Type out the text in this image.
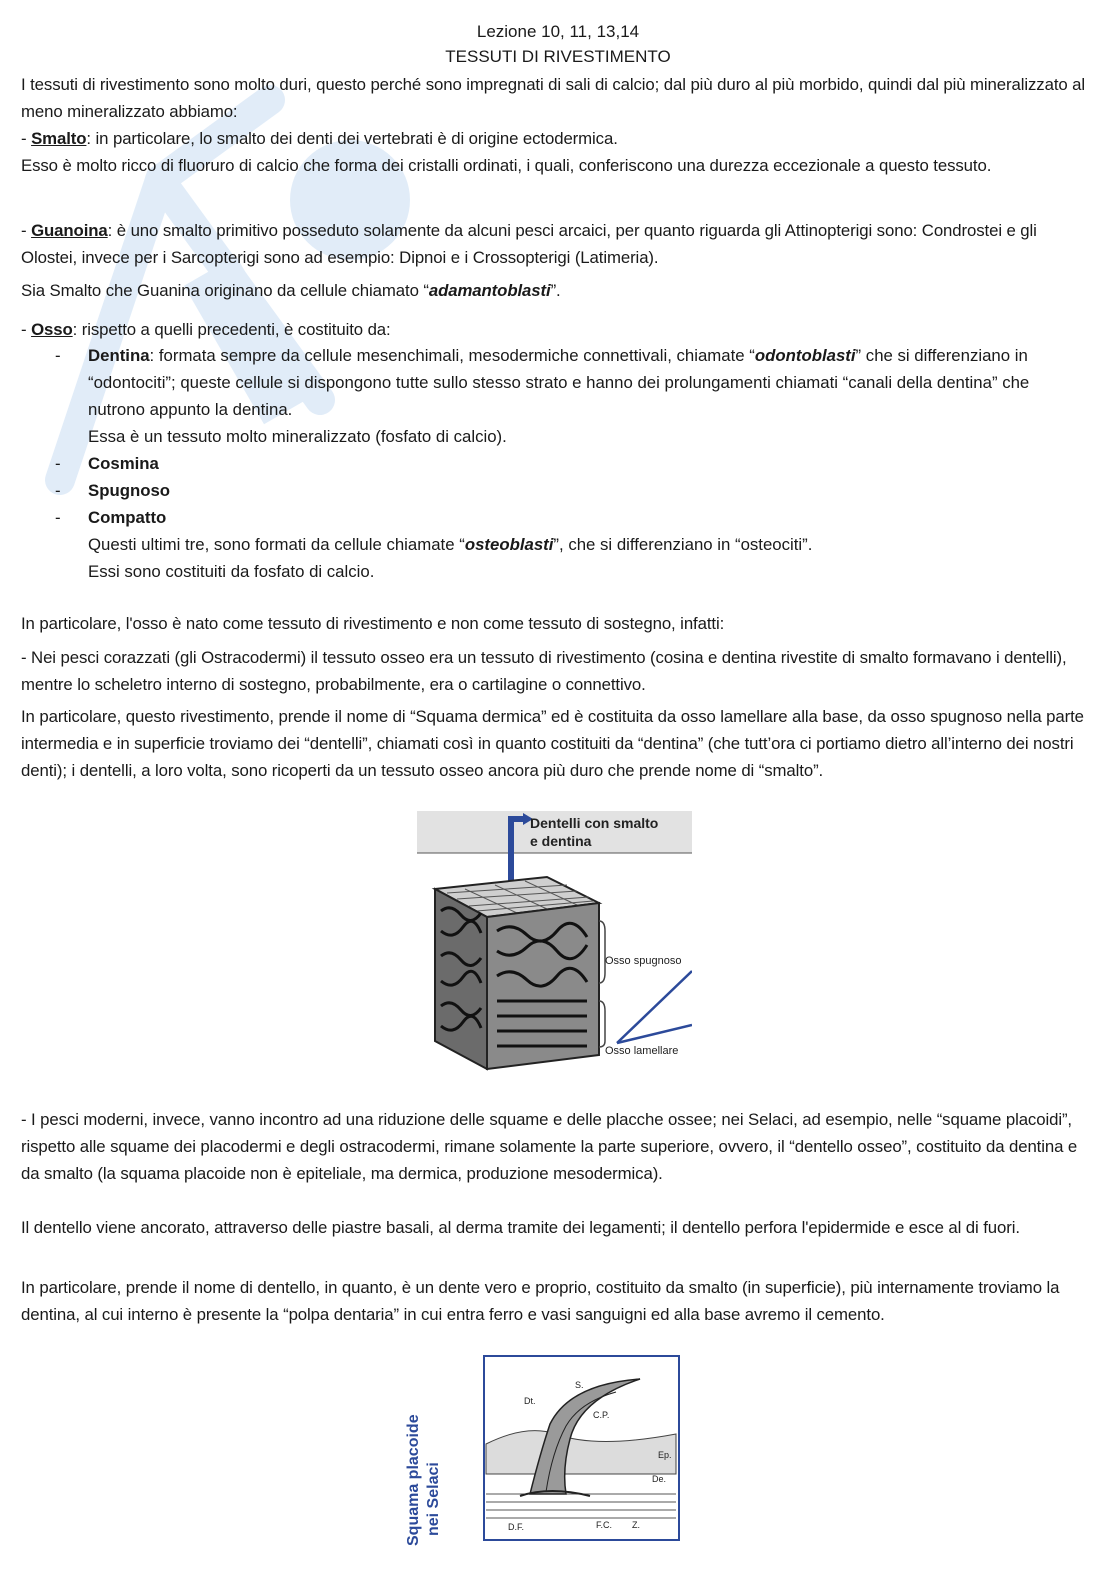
Lezione 10, 11, 13,14
TESSUTI DI RIVESTIMENTO
I tessuti di rivestimento sono molto duri, questo perché sono impregnati di sali di calcio; dal più duro al più morbido, quindi dal più mineralizzato al meno mineralizzato abbiamo:
- Smalto: in particolare, lo smalto dei denti dei vertebrati è di origine ectodermica.
Esso è molto ricco di fluoruro di calcio che forma dei cristalli ordinati, i quali, conferiscono una durezza eccezionale a questo tessuto.
- Guanoina: è uno smalto primitivo posseduto solamente da alcuni pesci arcaici, per quanto riguarda gli Attinopterigi sono: Condrostei e gli Olostei, invece per i Sarcopterigi sono ad esempio: Dipnoi e i Crossopterigi (Latimeria).
Sia Smalto che Guanina originano da cellule chiamato “adamantoblasti”.
- Osso: rispetto a quelli precedenti, è costituito da:
- Dentina: formata sempre da cellule mesenchimali, mesodermiche connettivali, chiamate “odontoblasti” che si differenziano in “odontociti”; queste cellule si dispongono tutte sullo stesso strato e hanno dei prolungamenti chiamati “canali della dentina” che nutrono appunto la dentina.
Essa è un tessuto molto mineralizzato (fosfato di calcio).
- Cosmina
- Spugnoso
- Compatto
Questi ultimi tre, sono formati da cellule chiamate “osteoblasti”, che si differenziano in “osteociti”.
Essi sono costituiti da fosfato di calcio.
In particolare, l'osso è nato come tessuto di rivestimento e non come tessuto di sostegno, infatti:
- Nei pesci corazzati (gli Ostracodermi) il tessuto osseo era un tessuto di rivestimento (cosina e dentina rivestite di smalto formavano i dentelli), mentre lo scheletro interno di sostegno, probabilmente, era o cartilagine o connettivo.
In particolare, questo rivestimento, prende il nome di “Squama dermica” ed è costituita da osso lamellare alla base, da osso spugnoso nella parte intermedia e in superficie troviamo dei “dentelli”, chiamati così in quanto costituiti da “dentina” (che tutt’ora ci portiamo dietro all’interno dei nostri denti); i dentelli, a loro volta, sono ricoperti da un tessuto osseo ancora più duro che prende nome di “smalto”.
Dentelli con smalto
e dentina
Osso spugnoso
Osso lamellare
- I pesci moderni, invece, vanno incontro ad una riduzione delle squame e delle placche ossee; nei Selaci, ad esempio, nelle “squame placoidi”, rispetto alle squame dei placodermi e degli ostracodermi, rimane solamente la parte superiore, ovvero, il “dentello osseo”, costituito da dentina e da smalto (la squama placoide non è epiteliale, ma dermica, produzione mesodermica).
Il dentello viene ancorato, attraverso delle piastre basali, al derma tramite dei legamenti; il dentello perfora l'epidermide e esce al di fuori.
In particolare, prende il nome di dentello, in quanto, è un dente vero e proprio, costituito da smalto (in superficie), più internamente troviamo la dentina, al cui interno è presente la “polpa dentaria” in cui entra ferro e vasi sanguigni ed alla base avremo il cemento.
Squama placoide nei Selaci
S.
Dt.
C.P.
Ep.
De.
D.F.	F.C. Z.
